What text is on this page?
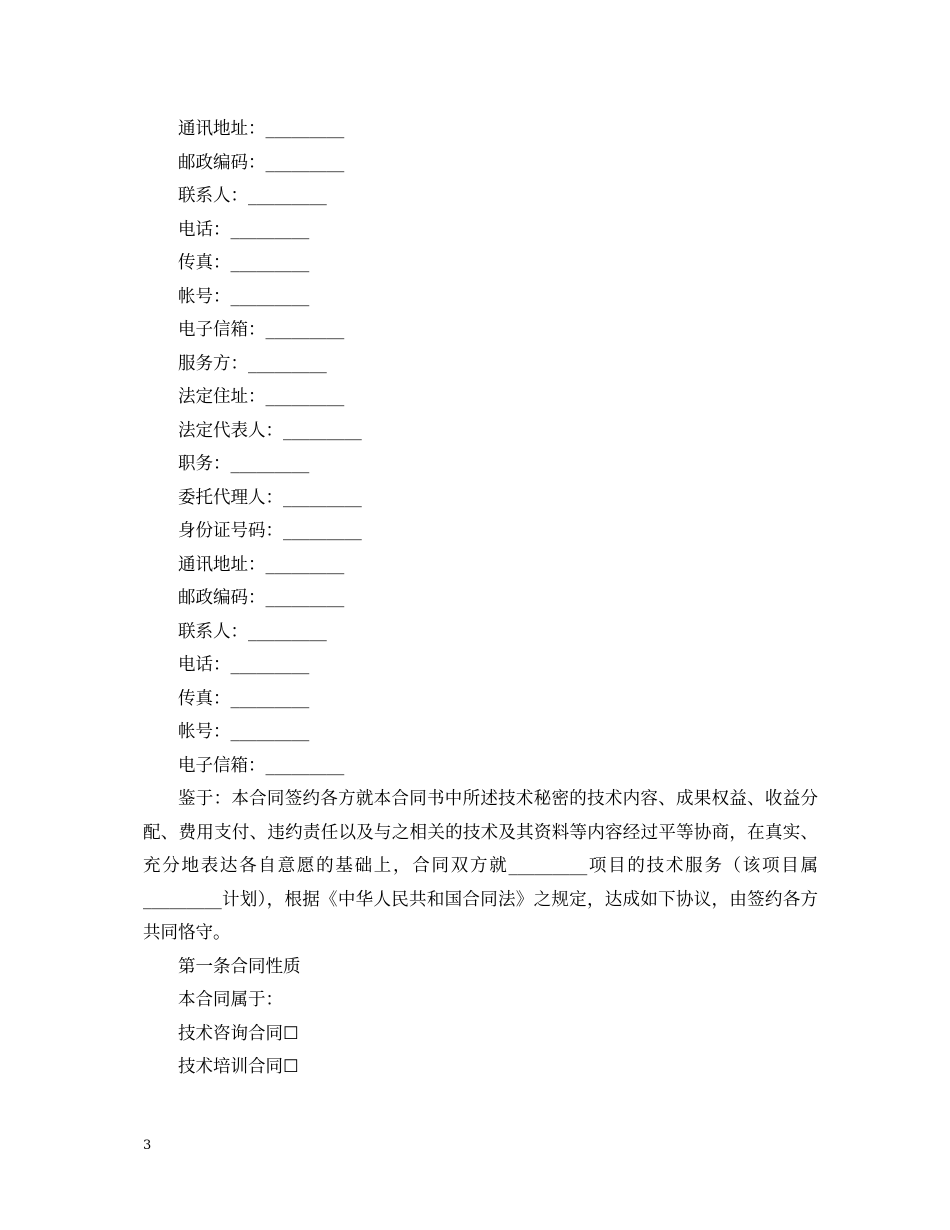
通讯地址：_________
邮政编码：_________
联系人：_________
电话：_________
传真：_________
帐号：_________
电子信箱：_________
服务方：_________
法定住址：_________
法定代表人：_________
职务：_________
委托代理人：_________
身份证号码：_________
通讯地址：_________
邮政编码：_________
联系人：_________
电话：_________
传真：_________
帐号：_________
电子信箱：_________

鉴于：本合同签约各方就本合同书中所述技术秘密的技术内容、成果权益、收益分配、费用支付、违约责任以及与之相关的技术及其资料等内容经过平等协商，在真实、充分地表达各自意愿的基础上，合同双方就_________项目的技术服务（该项目属_________计划），根据《中华人民共和国合同法》之规定，达成如下协议，由签约各方共同恪守。

第一条合同性质
本合同属于：
技术咨询合同☐
技术培训合同☐
3
